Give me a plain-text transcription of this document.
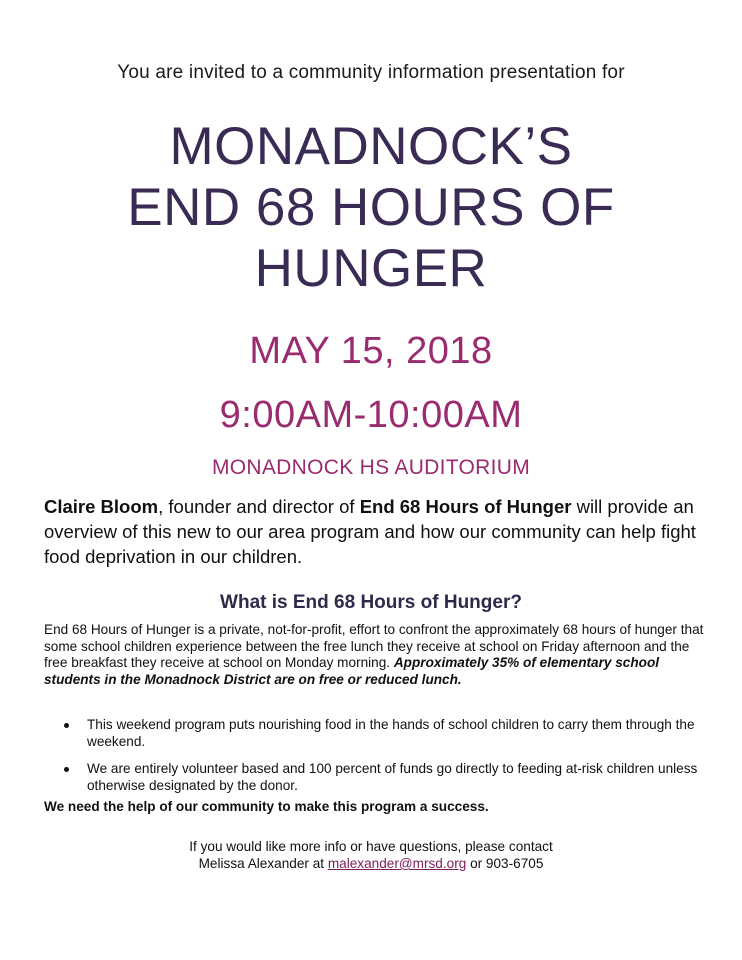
You are invited to a community information presentation for
MONADNOCK’S
END 68 HOURS OF
HUNGER
MAY 15, 2018
9:00AM-10:00AM
MONADNOCK HS AUDITORIUM
Claire Bloom, founder and director of End 68 Hours of Hunger will provide an overview of this new to our area program and how our community can help fight food deprivation in our children.
What is End 68 Hours of Hunger?
End 68 Hours of Hunger is a private, not-for-profit, effort to confront the approximately 68 hours of hunger that some school children experience between the free lunch they receive at school on Friday afternoon and the free breakfast they receive at school on Monday morning. Approximately 35% of elementary school students in the Monadnock District are on free or reduced lunch.
This weekend program puts nourishing food in the hands of school children to carry them through the weekend.
We are entirely volunteer based and 100 percent of funds go directly to feeding at-risk children unless otherwise designated by the donor.
We need the help of our community to make this program a success.
If you would like more info or have questions, please contact
Melissa Alexander at malexander@mrsd.org or 903-6705
